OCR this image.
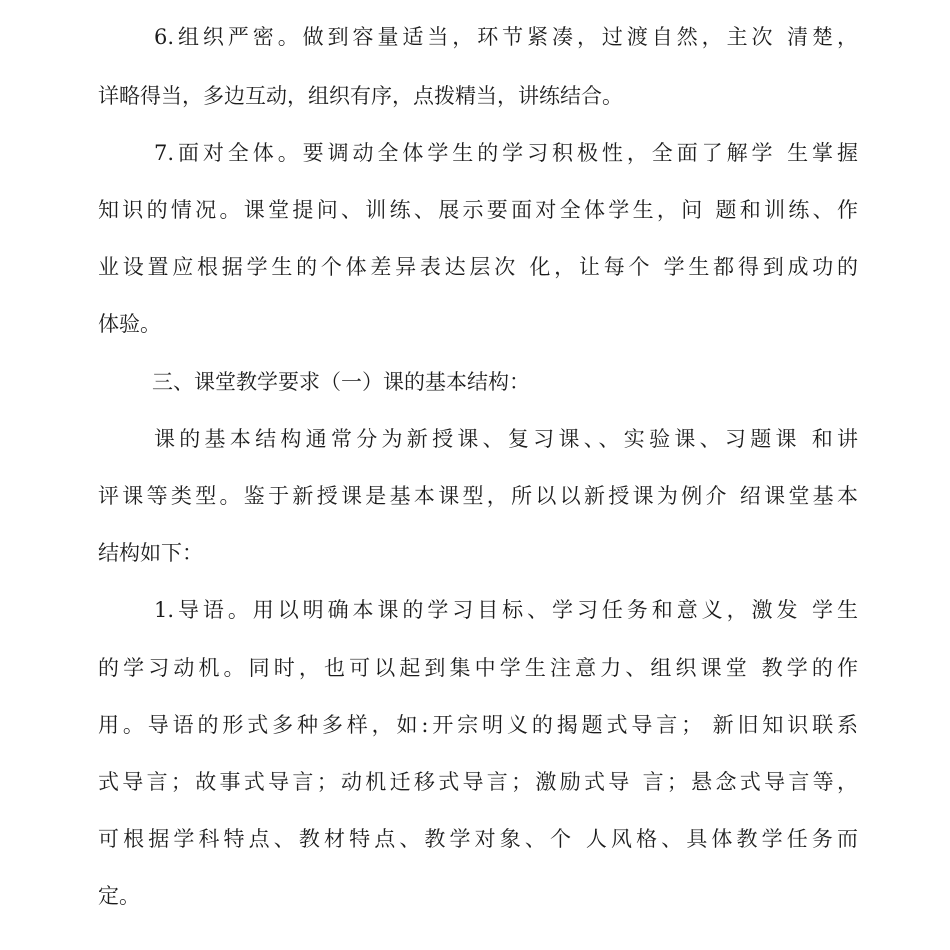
6.组织严密。做到容量适当，环节紧凑，过渡自然，主次 清楚，
详略得当，多边互动，组织有序，点拨精当，讲练结合。
7.面对全体。要调动全体学生的学习积极性，全面了解学 生掌握
知识的情况。课堂提问、训练、展示要面对全体学生，问 题和训练、作
业设置应根据学生的个体差异表达层次 化，让每个 学生都得到成功的
体验。
三、课堂教学要求（一）课的基本结构：
课的基本结构通常分为新授课、复习课、、实验课、习题课 和讲
评课等类型。鉴于新授课是基本课型，所以以新授课为例介 绍课堂基本
结构如下：
1.导语。用以明确本课的学习目标、学习任务和意义，激发 学生
的学习动机。同时，也可以起到集中学生注意力、组织课堂 教学的作
用。导语的形式多种多样，如:开宗明义的揭题式导言； 新旧知识联系
式导言；故事式导言；动机迁移式导言；激励式导 言；悬念式导言等，
可根据学科特点、教材特点、教学对象、个 人风格、具体教学任务而
定。
